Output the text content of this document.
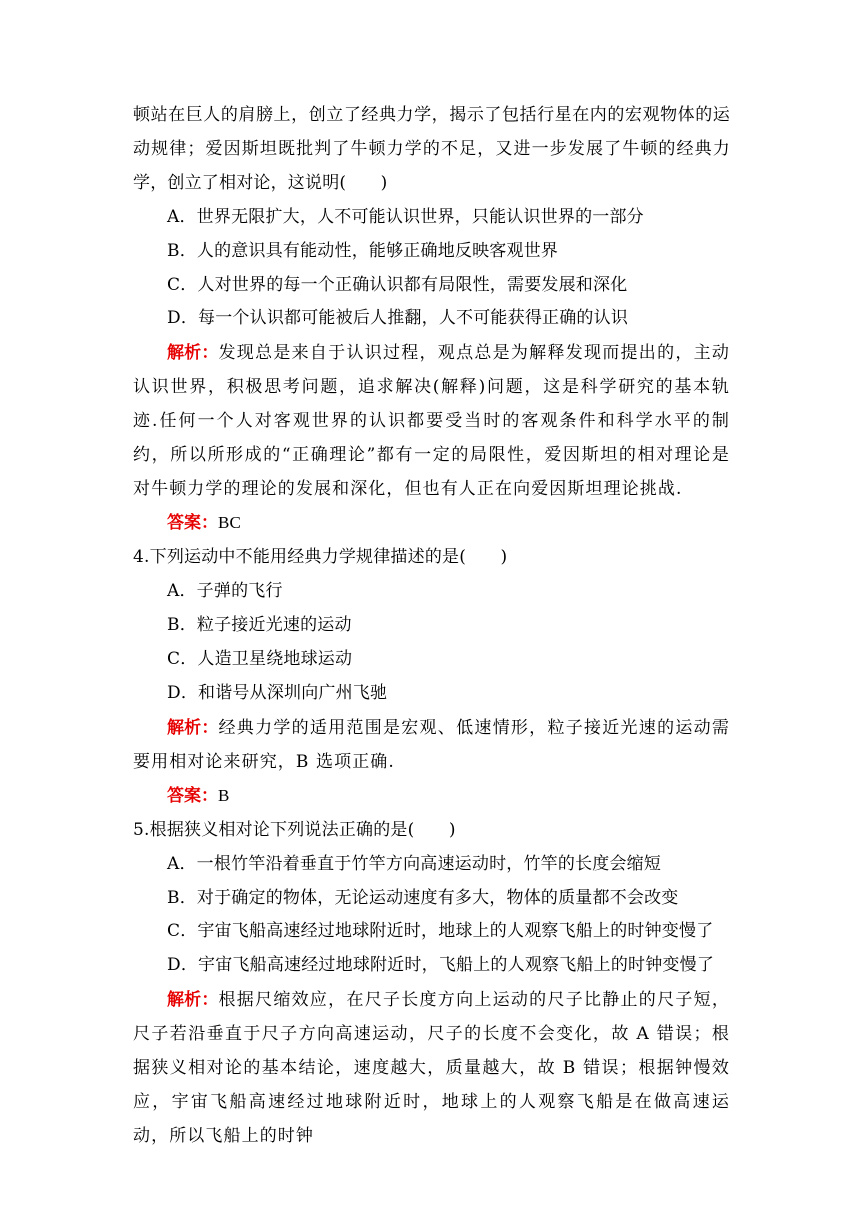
顿站在巨人的肩膀上，创立了经典力学，揭示了包括行星在内的宏观物体的运动规律；爱因斯坦既批判了牛顿力学的不足，又进一步发展了牛顿的经典力学，创立了相对论，这说明(　　)

A．世界无限扩大，人不可能认识世界，只能认识世界的一部分

B．人的意识具有能动性，能够正确地反映客观世界

C．人对世界的每一个正确认识都有局限性，需要发展和深化

D．每一个认识都可能被后人推翻，人不可能获得正确的认识

解析：发现总是来自于认识过程，观点总是为解释发现而提出的，主动认识世界，积极思考问题，追求解决(解释)问题，这是科学研究的基本轨迹.任何一个人对客观世界的认识都要受当时的客观条件和科学水平的制约，所以所形成的“正确理论”都有一定的局限性，爱因斯坦的相对理论是对牛顿力学的理论的发展和深化，但也有人正在向爱因斯坦理论挑战.

答案：BC

4.下列运动中不能用经典力学规律描述的是(　　)

A．子弹的飞行

B．粒子接近光速的运动

C．人造卫星绕地球运动

D．和谐号从深圳向广州飞驰

解析：经典力学的适用范围是宏观、低速情形，粒子接近光速的运动需要用相对论来研究，B 选项正确.

答案：B

5.根据狭义相对论下列说法正确的是(　　)

A．一根竹竿沿着垂直于竹竿方向高速运动时，竹竿的长度会缩短

B．对于确定的物体，无论运动速度有多大，物体的质量都不会改变

C．宇宙飞船高速经过地球附近时，地球上的人观察飞船上的时钟变慢了

D．宇宙飞船高速经过地球附近时，飞船上的人观察飞船上的时钟变慢了

解析：根据尺缩效应，在尺子长度方向上运动的尺子比静止的尺子短，尺子若沿垂直于尺子方向高速运动，尺子的长度不会变化，故 A 错误；根据狭义相对论的基本结论，速度越大，质量越大，故 B 错误；根据钟慢效应，宇宙飞船高速经过地球附近时，地球上的人观察飞船是在做高速运动，所以飞船上的时钟
